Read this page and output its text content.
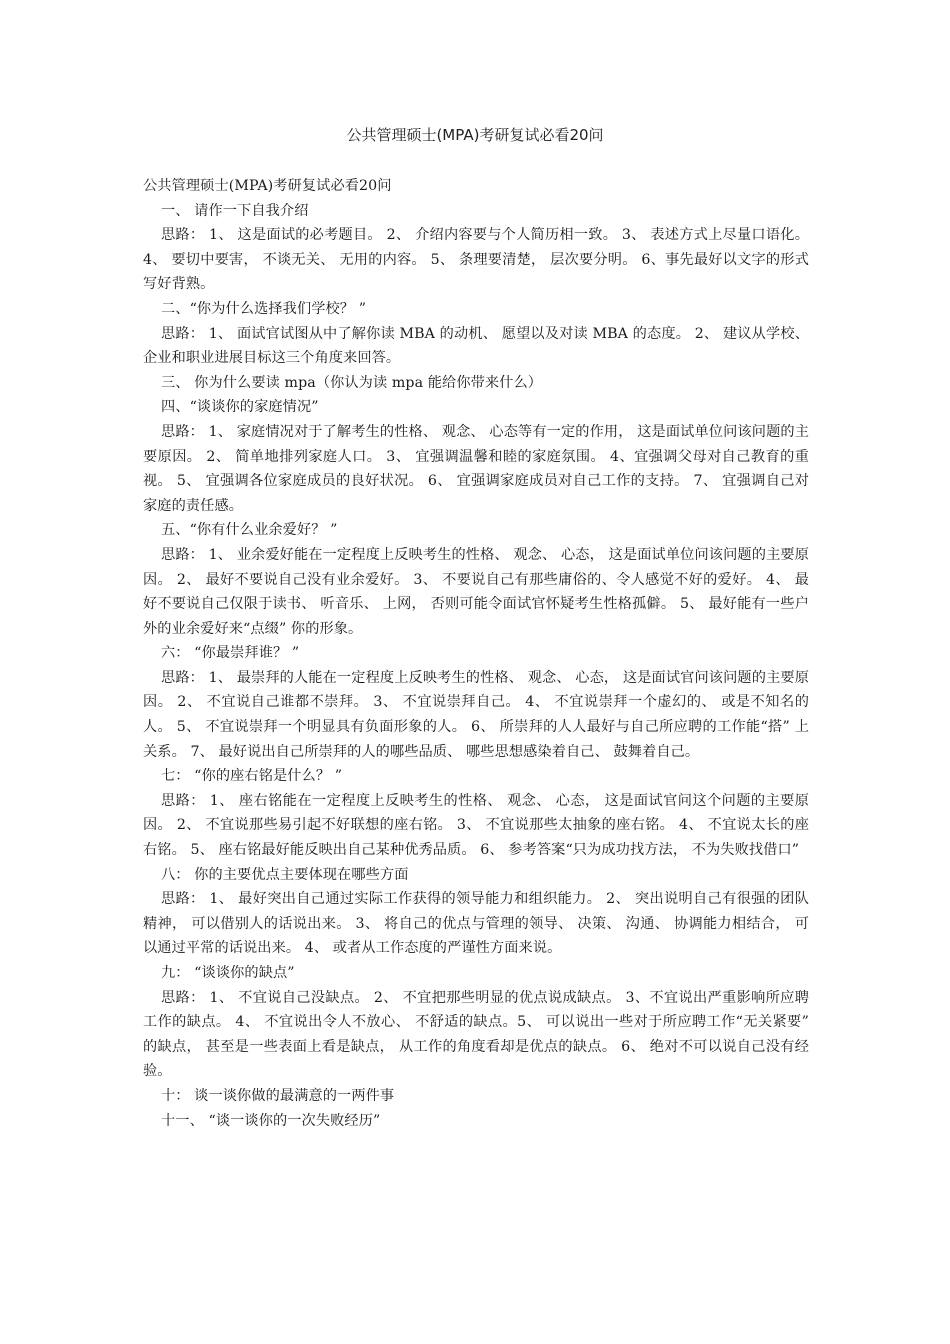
公共管理硕士(MPA)考研复试必看20问

公共管理硕士(MPA)考研复试必看20问

一、 请作一下自我介绍

思路： 1、 这是面试的必考题目。 2、 介绍内容要与个人简历相一致。 3、 表述方式上尽量口语化。 4、 要切中要害， 不谈无关、 无用的内容。 5、 条理要清楚， 层次要分明。 6、事先最好以文字的形式写好背熟。

二、“你为什么选择我们学校？ ”

思路： 1、 面试官试图从中了解你读 MBA 的动机、 愿望以及对读 MBA 的态度。 2、 建议从学校、 企业和职业进展目标这三个角度来回答。

三、 你为什么要读 mpa（你认为读 mpa 能给你带来什么）

四、“谈谈你的家庭情况”

思路： 1、 家庭情况对于了解考生的性格、 观念、 心态等有一定的作用， 这是面试单位问该问题的主要原因。 2、 简单地排列家庭人口。 3、 宜强调温馨和睦的家庭氛围。 4、宜强调父母对自己教育的重视。 5、 宜强调各位家庭成员的良好状况。 6、 宜强调家庭成员对自己工作的支持。 7、 宜强调自己对家庭的责任感。

五、“你有什么业余爱好？ ”

思路： 1、 业余爱好能在一定程度上反映考生的性格、 观念、 心态， 这是面试单位问该问题的主要原因。 2、 最好不要说自己没有业余爱好。 3、 不要说自己有那些庸俗的、令人感觉不好的爱好。 4、 最好不要说自己仅限于读书、 听音乐、 上网， 否则可能令面试官怀疑考生性格孤僻。 5、 最好能有一些户外的业余爱好来“点缀” 你的形象。

六： “你最崇拜谁？ ”

思路： 1、 最崇拜的人能在一定程度上反映考生的性格、 观念、 心态， 这是面试官问该问题的主要原因。 2、 不宜说自己谁都不崇拜。 3、 不宜说崇拜自己。 4、 不宜说崇拜一个虚幻的、 或是不知名的人。 5、 不宜说崇拜一个明显具有负面形象的人。 6、 所崇拜的人人最好与自己所应聘的工作能“搭” 上关系。 7、 最好说出自己所崇拜的人的哪些品质、 哪些思想感染着自己、 鼓舞着自己。

七： “你的座右铭是什么？ ”

思路： 1、 座右铭能在一定程度上反映考生的性格、 观念、 心态， 这是面试官问这个问题的主要原因。 2、 不宜说那些易引起不好联想的座右铭。 3、 不宜说那些太抽象的座右铭。 4、 不宜说太长的座右铭。 5、 座右铭最好能反映出自己某种优秀品质。 6、 参考答案“只为成功找方法， 不为失败找借口”

八： 你的主要优点主要体现在哪些方面

思路： 1、 最好突出自己通过实际工作获得的领导能力和组织能力。 2、 突出说明自己有很强的团队精神， 可以借别人的话说出来。 3、 将自己的优点与管理的领导、 决策、 沟通、 协调能力相结合， 可以通过平常的话说出来。 4、 或者从工作态度的严谨性方面来说。

九： “谈谈你的缺点”

思路： 1、 不宜说自己没缺点。 2、 不宜把那些明显的优点说成缺点。 3、不宜说出严重影响所应聘工作的缺点。 4、 不宜说出令人不放心、 不舒适的缺点。5、 可以说出一些对于所应聘工作“无关紧要” 的缺点， 甚至是一些表面上看是缺点， 从工作的角度看却是优点的缺点。 6、 绝对不可以说自己没有经验。

十： 谈一谈你做的最满意的一两件事

十一、 “谈一谈你的一次失败经历”
